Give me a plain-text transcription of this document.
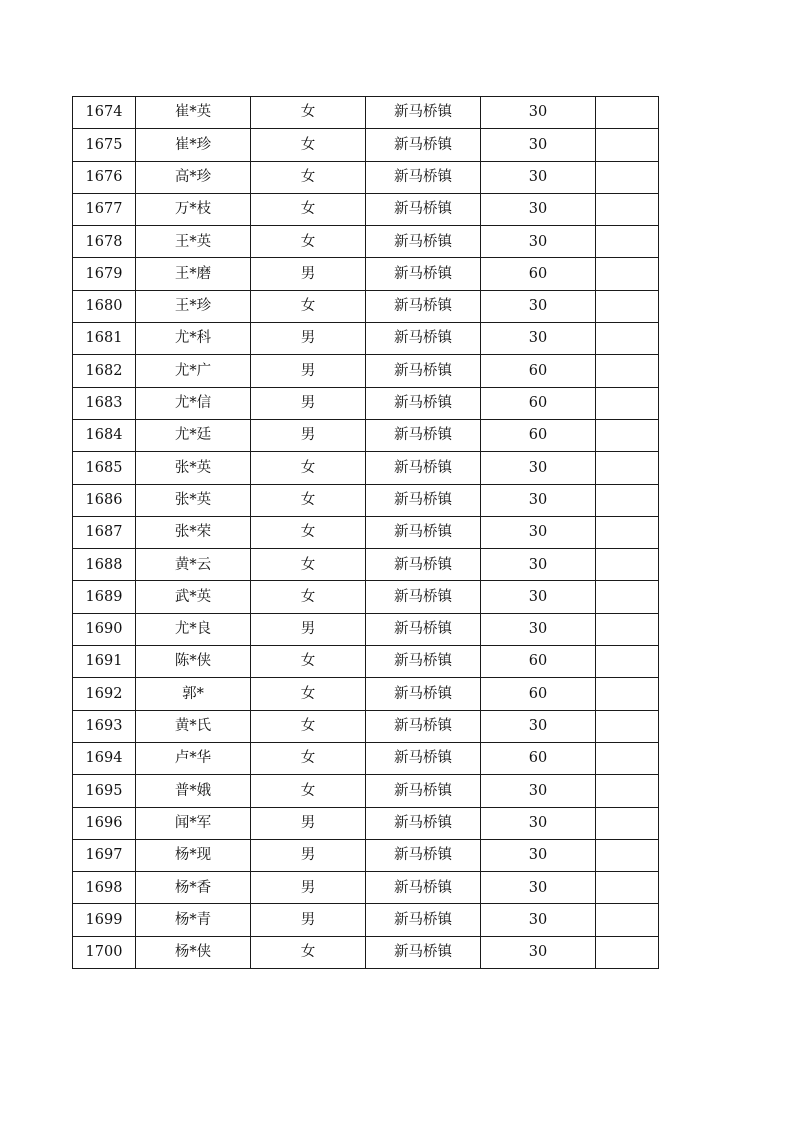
1674	崔*英	女	新马桥镇	30	
1675	崔*珍	女	新马桥镇	30	
1676	高*珍	女	新马桥镇	30	
1677	万*枝	女	新马桥镇	30	
1678	王*英	女	新马桥镇	30	
1679	王*磨	男	新马桥镇	60	
1680	王*珍	女	新马桥镇	30	
1681	尤*科	男	新马桥镇	30	
1682	尤*广	男	新马桥镇	60	
1683	尤*信	男	新马桥镇	60	
1684	尤*廷	男	新马桥镇	60	
1685	张*英	女	新马桥镇	30	
1686	张*英	女	新马桥镇	30	
1687	张*荣	女	新马桥镇	30	
1688	黄*云	女	新马桥镇	30	
1689	武*英	女	新马桥镇	30	
1690	尤*良	男	新马桥镇	30	
1691	陈*侠	女	新马桥镇	60	
1692	郭*	女	新马桥镇	60	
1693	黄*氏	女	新马桥镇	30	
1694	卢*华	女	新马桥镇	60	
1695	普*娥	女	新马桥镇	30	
1696	闻*军	男	新马桥镇	30	
1697	杨*现	男	新马桥镇	30	
1698	杨*香	男	新马桥镇	30	
1699	杨*青	男	新马桥镇	30	
1700	杨*侠	女	新马桥镇	30	
